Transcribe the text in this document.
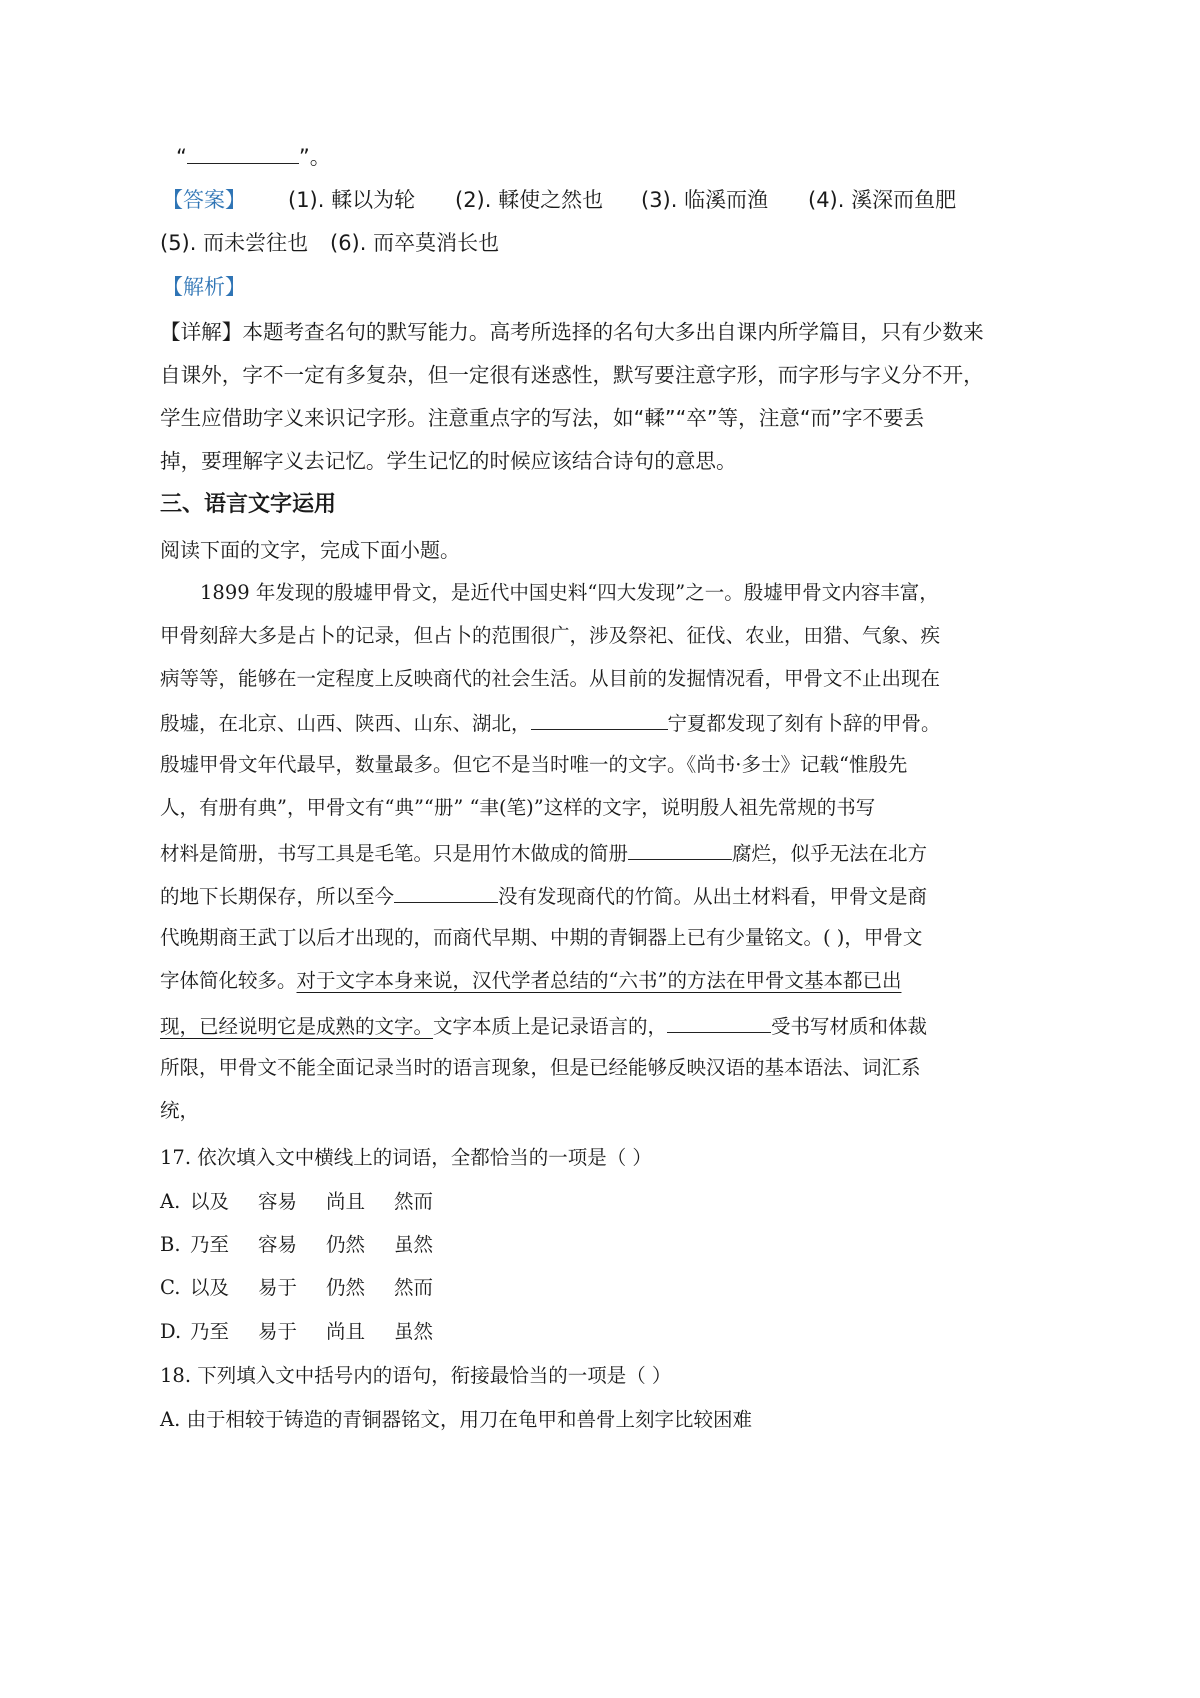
“	”。
【答案】 (1). 輮以为轮 (2). 輮使之然也 (3). 临溪而渔 (4). 溪深而鱼肥
(5). 而未尝往也 (6). 而卒莫消长也
【解析】
【详解】本题考查名句的默写能力。高考所选择的名句大多出自课内所学篇目，只有少数来
自课外，字不一定有多复杂，但一定很有迷惑性，默写要注意字形，而字形与字义分不开，
学生应借助字义来识记字形。注意重点字的写法，如“輮”“卒”等，注意“而”字不要丢
掉，要理解字义去记忆。学生记忆的时候应该结合诗句的意思。
三、语言文字运用
阅读下面的文字，完成下面小题。
1899 年发现的殷墟甲骨文，是近代中国史料“四大发现”之一。殷墟甲骨文内容丰富，
甲骨刻辞大多是占卜的记录，但占卜的范围很广，涉及祭祀、征伐、农业，田猎、气象、疾
病等等，能够在一定程度上反映商代的社会生活。从目前的发掘情况看，甲骨文不止出现在
殷墟，在北京、山西、陕西、山东、湖北，	宁夏都发现了刻有卜辞的甲骨。
殷墟甲骨文年代最早，数量最多。但它不是当时唯一的文字。《尚书·多士》记载“惟殷先
人，有册有典”，甲骨文有“典”“册” “聿(笔)”这样的文字，说明殷人祖先常规的书写
材料是简册，书写工具是毛笔。只是用竹木做成的简册	腐烂，似乎无法在北方
的地下长期保存，所以至今	没有发现商代的竹简。从出土材料看，甲骨文是商
代晚期商王武丁以后才出现的，而商代早期、中期的青铜器上已有少量铭文。( )，甲骨文
字体简化较多。对于文字本身来说，汉代学者总结的“六书”的方法在甲骨文基本都已出
现，已经说明它是成熟的文字。文字本质上是记录语言的，	受书写材质和体裁
所限，甲骨文不能全面记录当时的语言现象，但是已经能够反映汉语的基本语法、词汇系
统，
17. 依次填入文中横线上的词语，全都恰当的一项是（ ）
A. 以及 容易 尚且 然而
B. 乃至 容易 仍然 虽然
C. 以及 易于 仍然 然而
D. 乃至 易于 尚且 虽然
18. 下列填入文中括号内的语句，衔接最恰当的一项是（ ）
A. 由于相较于铸造的青铜器铭文，用刀在龟甲和兽骨上刻字比较困难
